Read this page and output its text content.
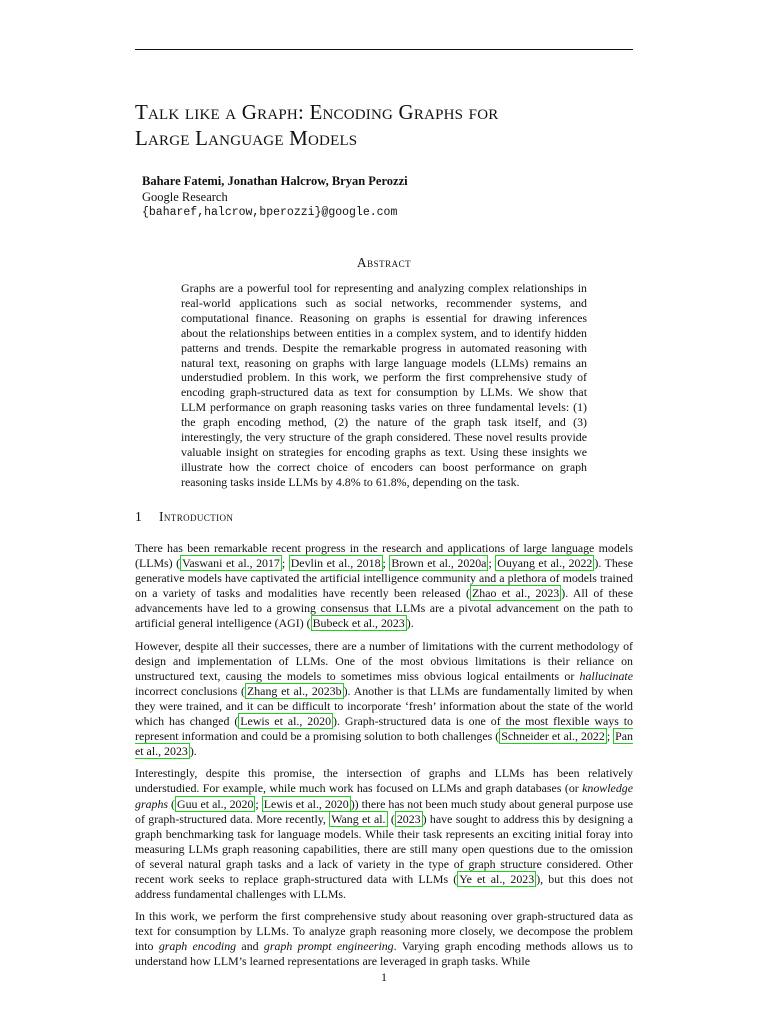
Talk like a Graph: Encoding Graphs for
Large Language Models
Bahare Fatemi, Jonathan Halcrow, Bryan Perozzi
Google Research
{baharef,halcrow,bperozzi}@google.com
Abstract
Graphs are a powerful tool for representing and analyzing complex relationships in real-world applications such as social networks, recommender systems, and computational finance. Reasoning on graphs is essential for drawing inferences about the relationships between entities in a complex system, and to identify hidden patterns and trends. Despite the remarkable progress in automated reasoning with natural text, reasoning on graphs with large language models (LLMs) remains an understudied problem. In this work, we perform the first comprehensive study of encoding graph-structured data as text for consumption by LLMs. We show that LLM performance on graph reasoning tasks varies on three fundamental levels: (1) the graph encoding method, (2) the nature of the graph task itself, and (3) interestingly, the very structure of the graph considered. These novel results provide valuable insight on strategies for encoding graphs as text. Using these insights we illustrate how the correct choice of encoders can boost performance on graph reasoning tasks inside LLMs by 4.8% to 61.8%, depending on the task.
1 Introduction

There has been remarkable recent progress in the research and applications of large language models (LLMs) ( Vaswani et al., 2017 ; Devlin et al., 2018 ; Brown et al., 2020a ; Ouyang et al., 2022 ). These generative models have captivated the artificial intelligence community and a plethora of models trained on a variety of tasks and modalities have recently been released ( Zhao et al., 2023 ). All of these advancements have led to a growing consensus that LLMs are a pivotal advancement on the path to artificial general intelligence (AGI) ( Bubeck et al., 2023 ).

However, despite all their successes, there are a number of limitations with the current methodology of design and implementation of LLMs. One of the most obvious limitations is their reliance on unstructured text, causing the models to sometimes miss obvious logical entailments or hallucinate incorrect conclusions ( Zhang et al., 2023b ). Another is that LLMs are fundamentally limited by when they were trained, and it can be difficult to incorporate ‘fresh’ information about the state of the world which has changed ( Lewis et al., 2020 ). Graph-structured data is one of the most flexible ways to represent information and could be a promising solution to both challenges ( Schneider et al., 2022 ; Pan et al., 2023 ).

Interestingly, despite this promise, the intersection of graphs and LLMs has been relatively understudied. For example, while much work has focused on LLMs and graph databases (or knowledge graphs ( Guu et al., 2020 ; Lewis et al., 2020 )) there has not been much study about general purpose use of graph-structured data. More recently, Wang et al. ( 2023 ) have sought to address this by designing a graph benchmarking task for language models. While their task represents an exciting initial foray into measuring LLMs graph reasoning capabilities, there are still many open questions due to the omission of several natural graph tasks and a lack of variety in the type of graph structure considered. Other recent work seeks to replace graph-structured data with LLMs ( Ye et al., 2023 ), but this does not address fundamental challenges with LLMs.

In this work, we perform the first comprehensive study about reasoning over graph-structured data as text for consumption by LLMs. To analyze graph reasoning more closely, we decompose the problem into graph encoding and graph prompt engineering. Varying graph encoding methods allows us to understand how LLM’s learned representations are leveraged in graph tasks. While

1
